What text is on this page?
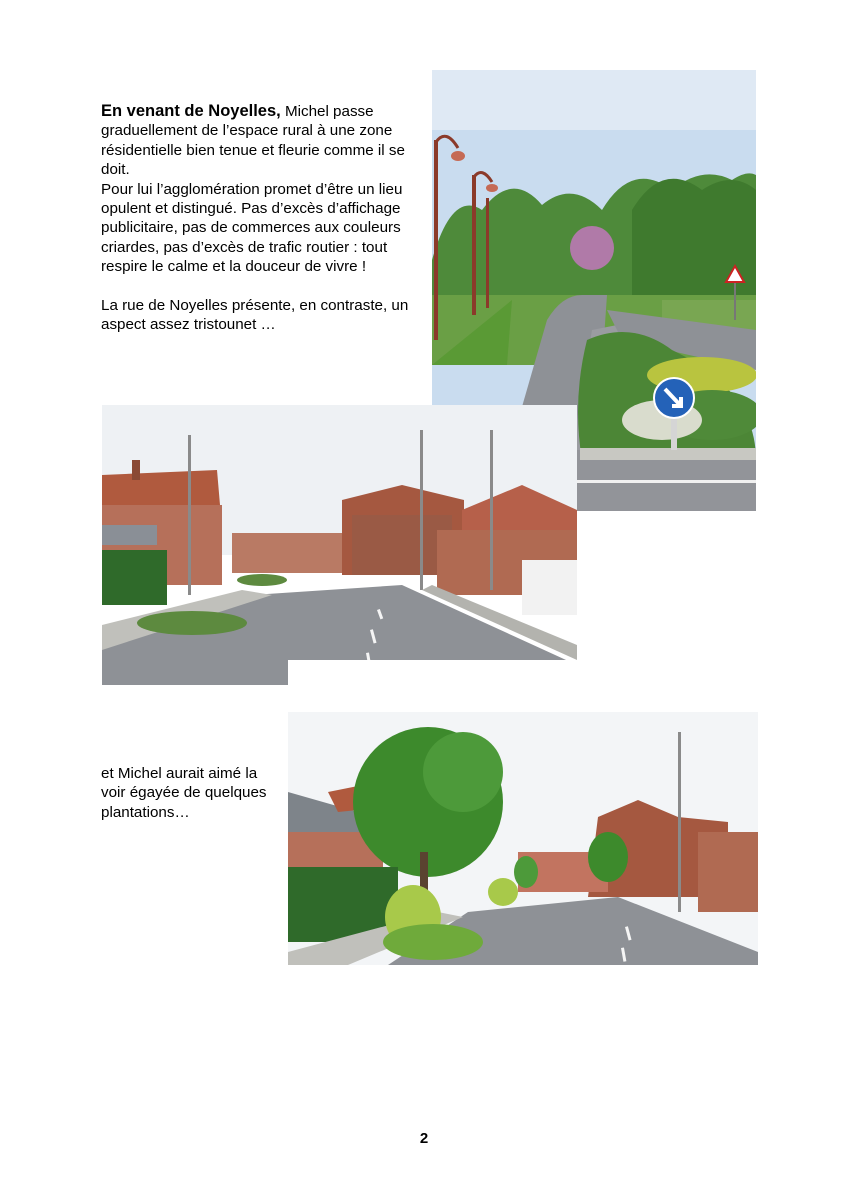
En venant de Noyelles, Michel passe graduellement de l’espace rural à une zone résidentielle bien tenue et fleurie comme il se doit.

Pour lui l’agglomération promet d’être un lieu opulent et distingué. Pas d’excès d’affichage publicitaire, pas de commerces aux couleurs criardes, pas d’excès de trafic routier : tout respire le calme et la douceur de vivre !

La rue de Noyelles présente, en contraste, un aspect assez tristounet …

et Michel aurait aimé la voir égayée de quelques plantations…
2
